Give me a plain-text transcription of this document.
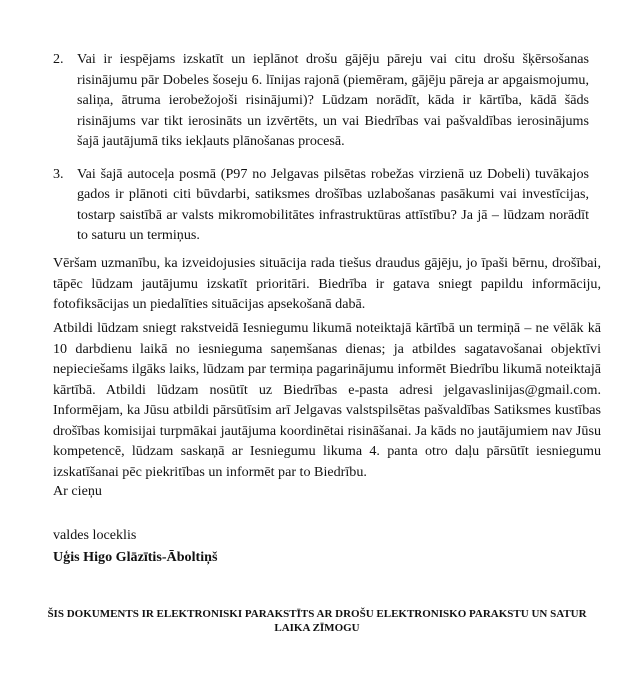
2. Vai ir iespējams izskatīt un ieplānot drošu gājēju pāreju vai citu drošu šķērsošanas risinājumu pār Dobeles šoseju 6. līnijas rajonā (piemēram, gājēju pāreja ar apgaismojumu, saliņa, ātruma ierobežojoši risinājumi)? Lūdzam norādīt, kāda ir kārtība, kādā šāds risinājums var tikt ierosināts un izvērtēts, un vai Biedrības vai pašvaldības ierosinājums šajā jautājumā tiks iekļauts plānošanas procesā.
3. Vai šajā autoceļa posmā (P97 no Jelgavas pilsētas robežas virzienā uz Dobeli) tuvākajos gados ir plānoti citi būvdarbi, satiksmes drošības uzlabošanas pasākumi vai investīcijas, tostarp saistībā ar valsts mikromobilitātes infrastruktūras attīstību? Ja jā – lūdzam norādīt to saturu un termiņus.

Vēršam uzmanību, ka izveidojusies situācija rada tiešus draudus gājēju, jo īpaši bērnu, drošībai, tāpēc lūdzam jautājumu izskatīt prioritāri. Biedrība ir gatava sniegt papildu informāciju, fotofiksācijas un piedalīties situācijas apsekošanā dabā.

Atbildi lūdzam sniegt rakstveidā Iesniegumu likumā noteiktajā kārtībā un termiņā – ne vēlāk kā 10 darbdienu laikā no iesnieguma saņemšanas dienas; ja atbildes sagatavošanai objektīvi nepieciešams ilgāks laiks, lūdzam par termiņa pagarinājumu informēt Biedrību likumā noteiktajā kārtībā. Atbildi lūdzam nosūtīt uz Biedrības e-pasta adresi jelgavaslinijas@gmail.com. Informējam, ka Jūsu atbildi pārsūtīsim arī Jelgavas valstspilsētas pašvaldības Satiksmes kustības drošības komisijai turpmākai jautājuma koordinētai risināšanai. Ja kāds no jautājumiem nav Jūsu kompetencē, lūdzam saskaņā ar Iesniegumu likuma 4. panta otro daļu pārsūtīt iesniegumu izskatīšanai pēc piekritības un informēt par to Biedrību.

Ar cieņu

valdes loceklis

Uģis Higo Glāzītis-Āboltiņš

ŠIS DOKUMENTS IR ELEKTRONISKI PARAKSTĪTS AR DROŠU ELEKTRONISKO PARAKSTU UN SATUR LAIKA ZĪMOGU
